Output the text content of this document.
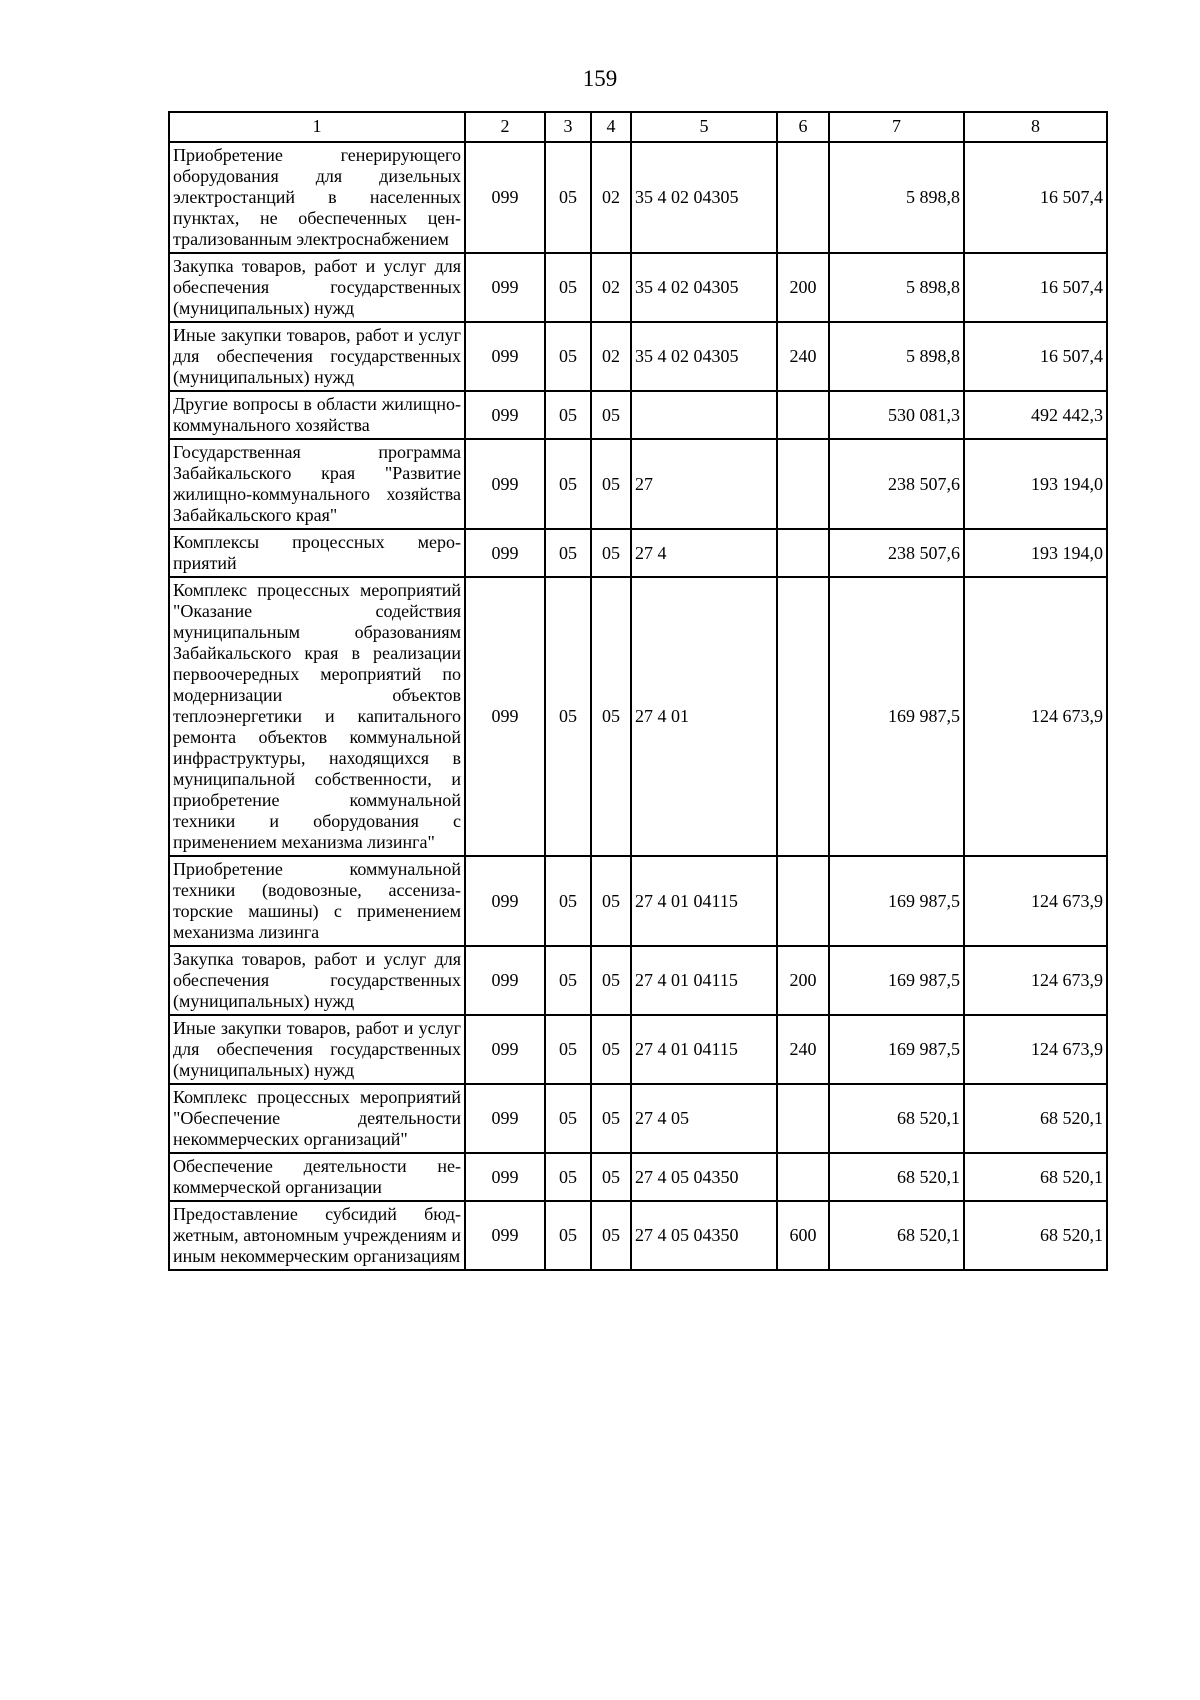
159
1	2	3	4	5	6	7	8
Приобретение генерирующего оборудования для дизельных электростанций в населенных пунктах, не обеспеченных централизованным электроснабжением	099	05	02	35 4 02 04305		5 898,8	16 507,4
Закупка товаров, работ и услуг для обеспечения государственных (муниципальных) нужд	099	05	02	35 4 02 04305	200	5 898,8	16 507,4
Иные закупки товаров, работ и услуг для обеспечения государственных (муниципальных) нужд	099	05	02	35 4 02 04305	240	5 898,8	16 507,4
Другие вопросы в области жилищно-коммунального хозяйства	099	05	05			530 081,3	492 442,3
Государственная программа Забайкальского края "Развитие жилищно-коммунального хозяйства Забайкальского края"	099	05	05	27		238 507,6	193 194,0
Комплексы процессных мероприятий	099	05	05	27 4		238 507,6	193 194,0
Комплекс процессных мероприятий "Оказание содействия муниципальным образованиям Забайкальского края в реализации первоочередных мероприятий по модернизации объектов теплоэнергетики и капитального ремонта объектов коммунальной инфраструктуры, находящихся в муниципальной собственности, и приобретение коммунальной техники и оборудования с применением механизма лизинга"	099	05	05	27 4 01		169 987,5	124 673,9
Приобретение коммунальной техники (водовозные, ассенизаторские машины) с применением механизма лизинга	099	05	05	27 4 01 04115		169 987,5	124 673,9
Закупка товаров, работ и услуг для обеспечения государственных (муниципальных) нужд	099	05	05	27 4 01 04115	200	169 987,5	124 673,9
Иные закупки товаров, работ и услуг для обеспечения государственных (муниципальных) нужд	099	05	05	27 4 01 04115	240	169 987,5	124 673,9
Комплекс процессных мероприятий "Обеспечение деятельности некоммерческих организаций"	099	05	05	27 4 05		68 520,1	68 520,1
Обеспечение деятельности некоммерческой организации	099	05	05	27 4 05 04350		68 520,1	68 520,1
Предоставление субсидий бюджетным, автономным учреждениям и иным некоммерческим организациям	099	05	05	27 4 05 04350	600	68 520,1	68 520,1
